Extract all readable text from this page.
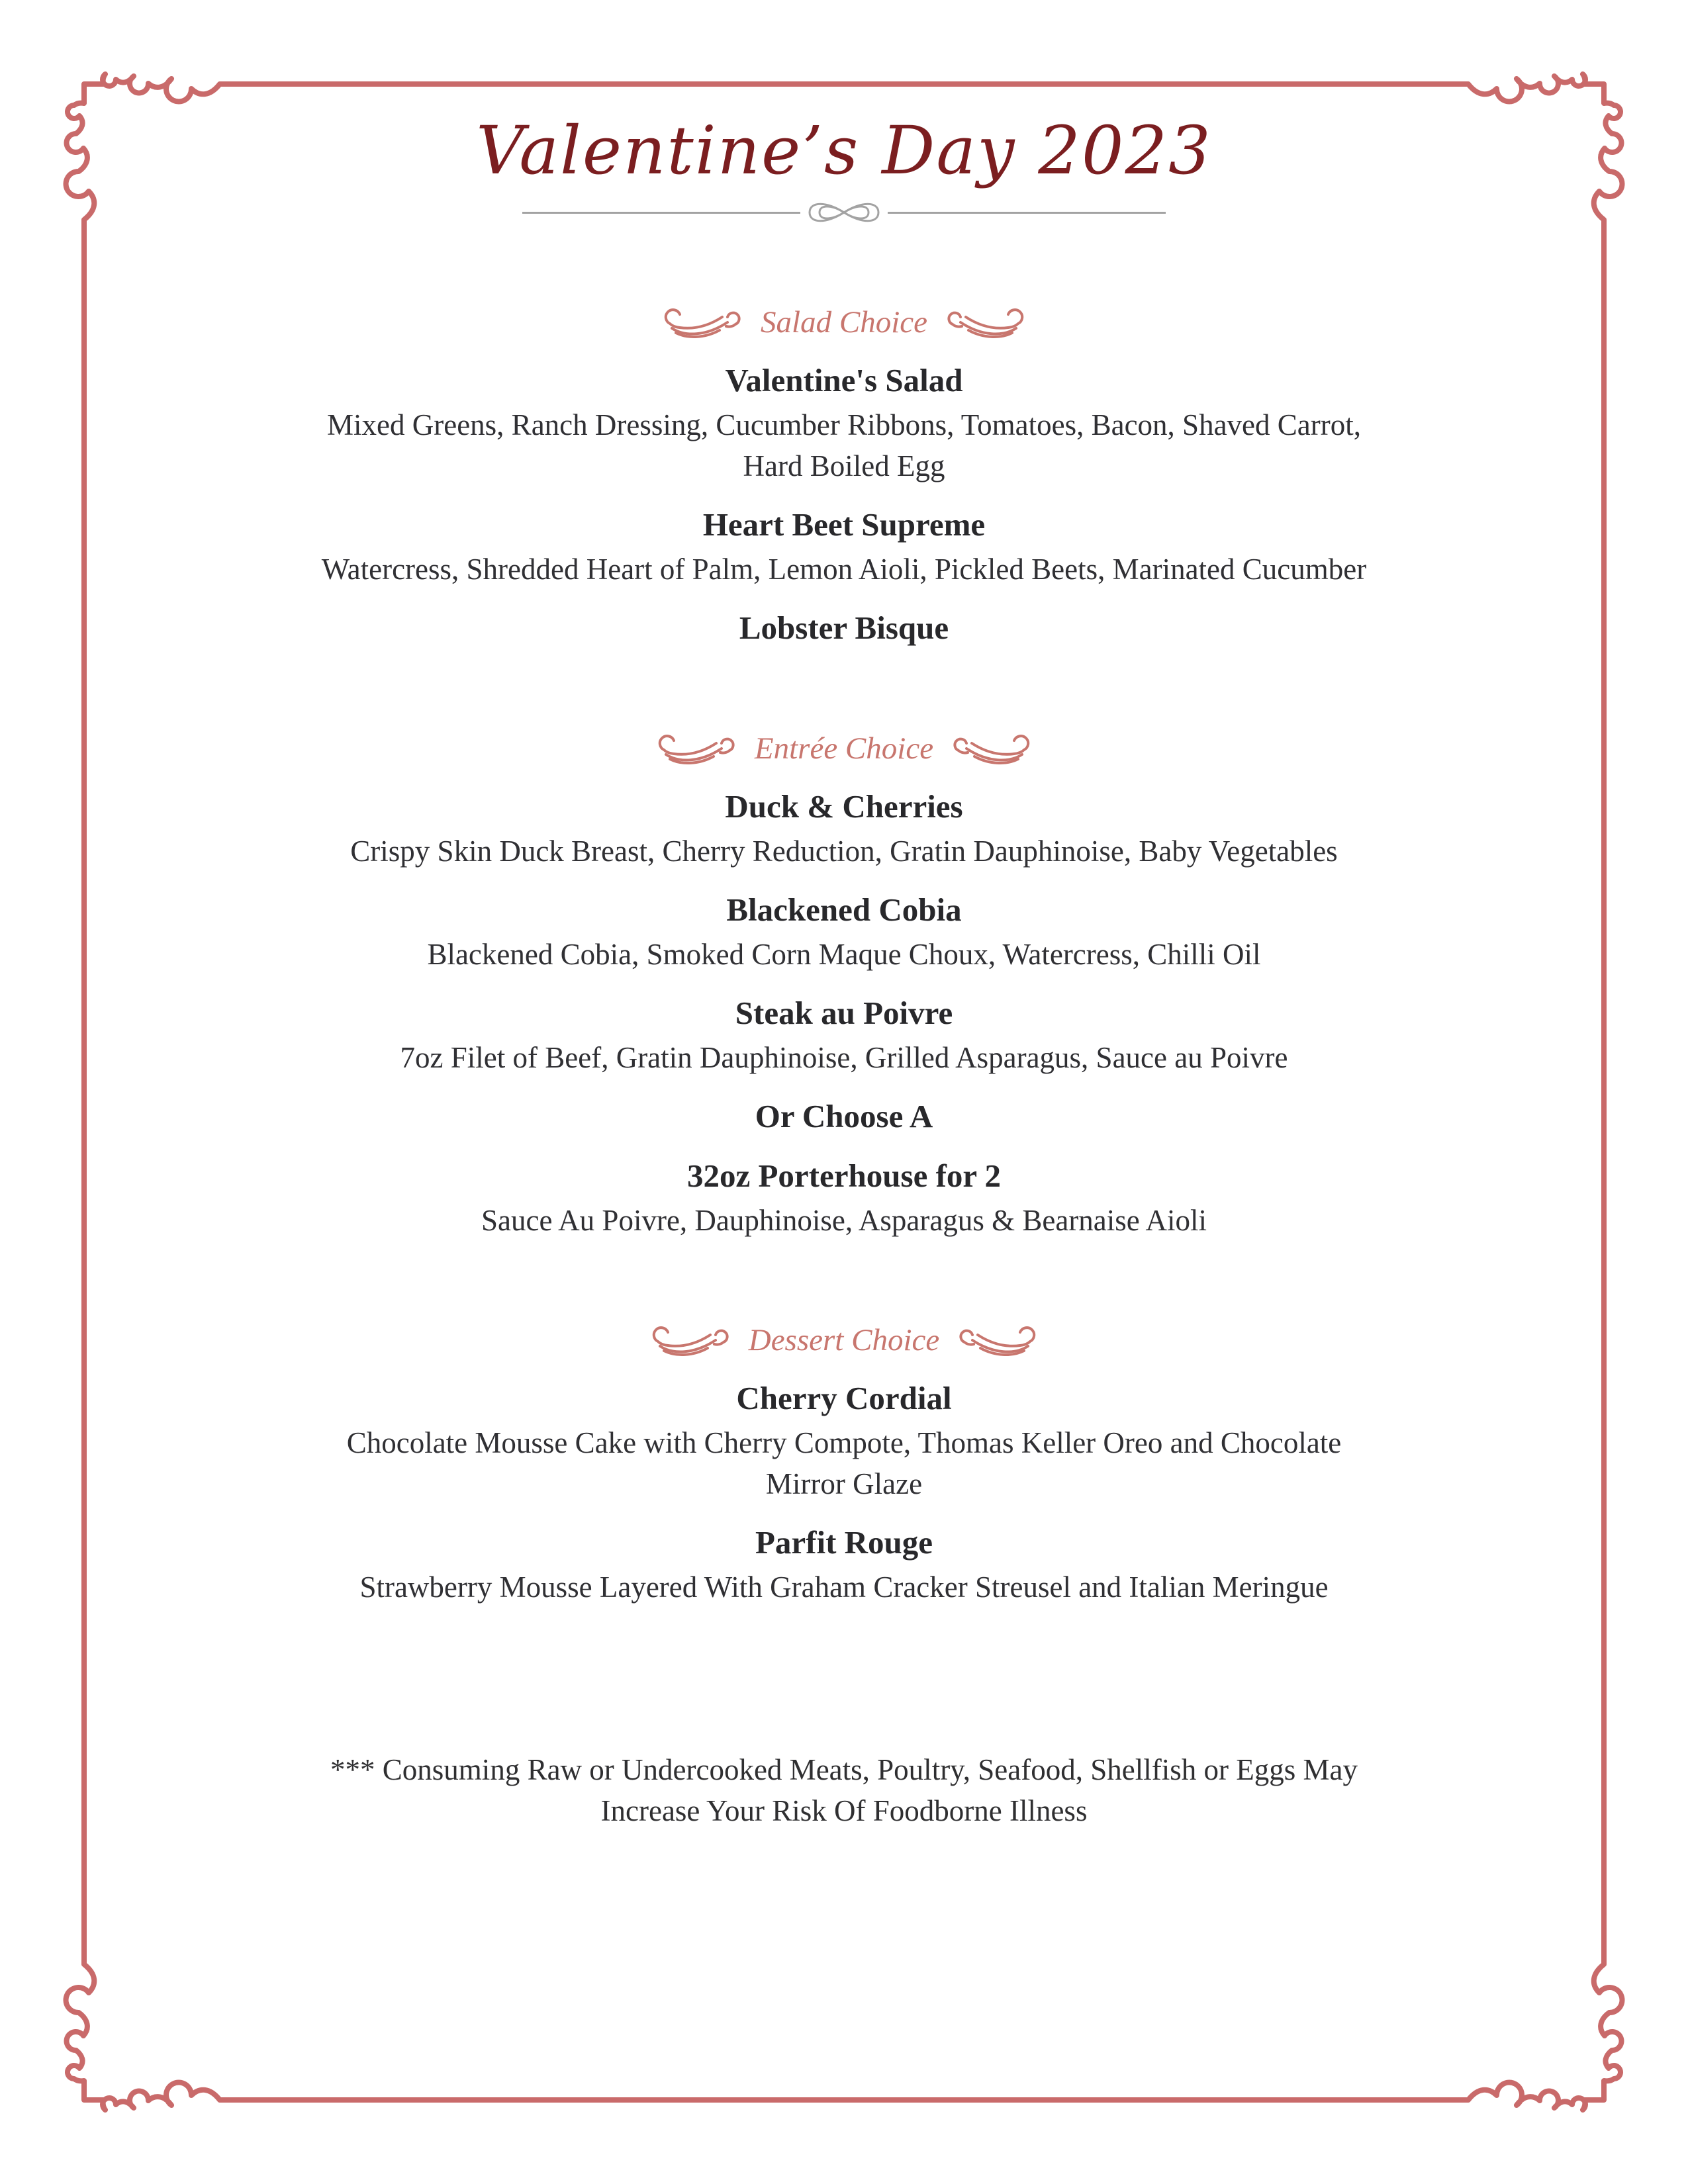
Valentine’s Day 2023
Salad Choice
Valentine's Salad
Mixed Greens, Ranch Dressing, Cucumber Ribbons, Tomatoes, Bacon, Shaved Carrot,
Hard Boiled Egg
Heart Beet Supreme
Watercress, Shredded Heart of Palm, Lemon Aioli, Pickled Beets, Marinated Cucumber
Lobster Bisque
Entrée Choice
Duck & Cherries
Crispy Skin Duck Breast, Cherry Reduction, Gratin Dauphinoise, Baby Vegetables
Blackened Cobia
Blackened Cobia, Smoked Corn Maque Choux, Watercress, Chilli Oil
Steak au Poivre
7oz Filet of Beef, Gratin Dauphinoise, Grilled Asparagus, Sauce au Poivre
Or Choose A
32oz Porterhouse for 2
Sauce Au Poivre, Dauphinoise, Asparagus & Bearnaise Aioli
Dessert Choice
Cherry Cordial
Chocolate Mousse Cake with Cherry Compote, Thomas Keller Oreo and Chocolate
Mirror Glaze
Parfit Rouge
Strawberry Mousse Layered With Graham Cracker Streusel and Italian Meringue
*** Consuming Raw or Undercooked Meats, Poultry, Seafood, Shellfish or Eggs May
Increase Your Risk Of Foodborne Illness
